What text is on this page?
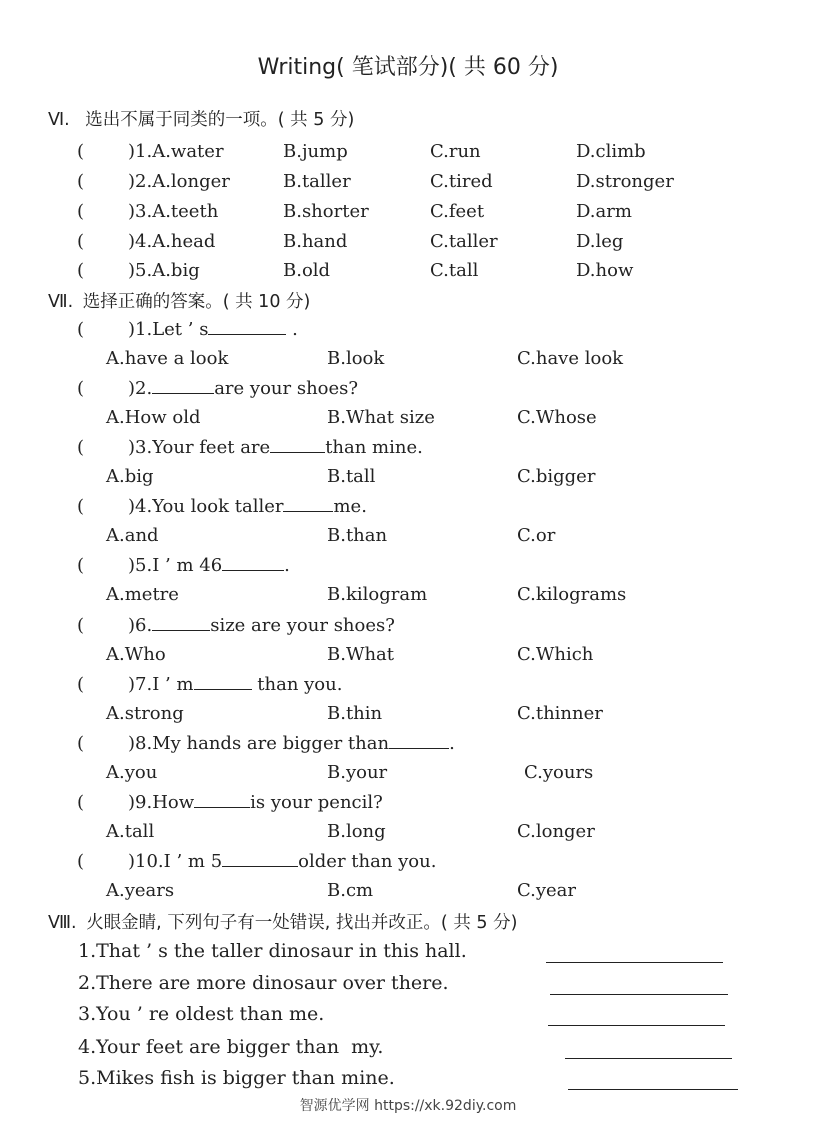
Writing( 笔试部分)( 共 60 分)
Ⅵ. 选出不属于同类的一项。( 共 5 分)
( )1.A.water	B.jump	C.run	D.climb
( )2.A.longer	B.taller	C.tired	D.stronger
( )3.A.teeth	B.shorter	C.feet	D.arm
( )4.A.head	B.hand	C.taller	D.leg
( )5.A.big	B.old	C.tall	D.how
Ⅶ. 选择正确的答案。( 共 10 分)
( )1.Let ’ s	.
A.have a look	B.look	C.have look
( )2.	are your shoes?
A.How old	B.What size	C.Whose
( )3.Your feet are	than mine.
A.big	B.tall	C.bigger
( )4.You look taller	me.
A.and	B.than	C.or
( )5.I ’ m 46	.
A.metre	B.kilogram	C.kilograms
( )6.	size are your shoes?
A.Who	B.What	C.Which
( )7.I ’ m	than you.
A.strong	B.thin	C.thinner
( )8.My hands are bigger than	.
A.you	B.your	C.yours
( )9.How	is your pencil?
A.tall	B.long	C.longer
( )10.I ’ m 5	older than you.
A.years	B.cm	C.year
Ⅷ. 火眼金睛, 下列句子有一处错误, 找出并改正。( 共 5 分)
1.That ’ s the taller dinosaur in this hall.
2.There are more dinosaur over there.
3.You ’ re oldest than me.
4.Your feet are bigger than  my.
5.Mikes fish is bigger than mine.
智源优学网 https://xk.92diy.com
